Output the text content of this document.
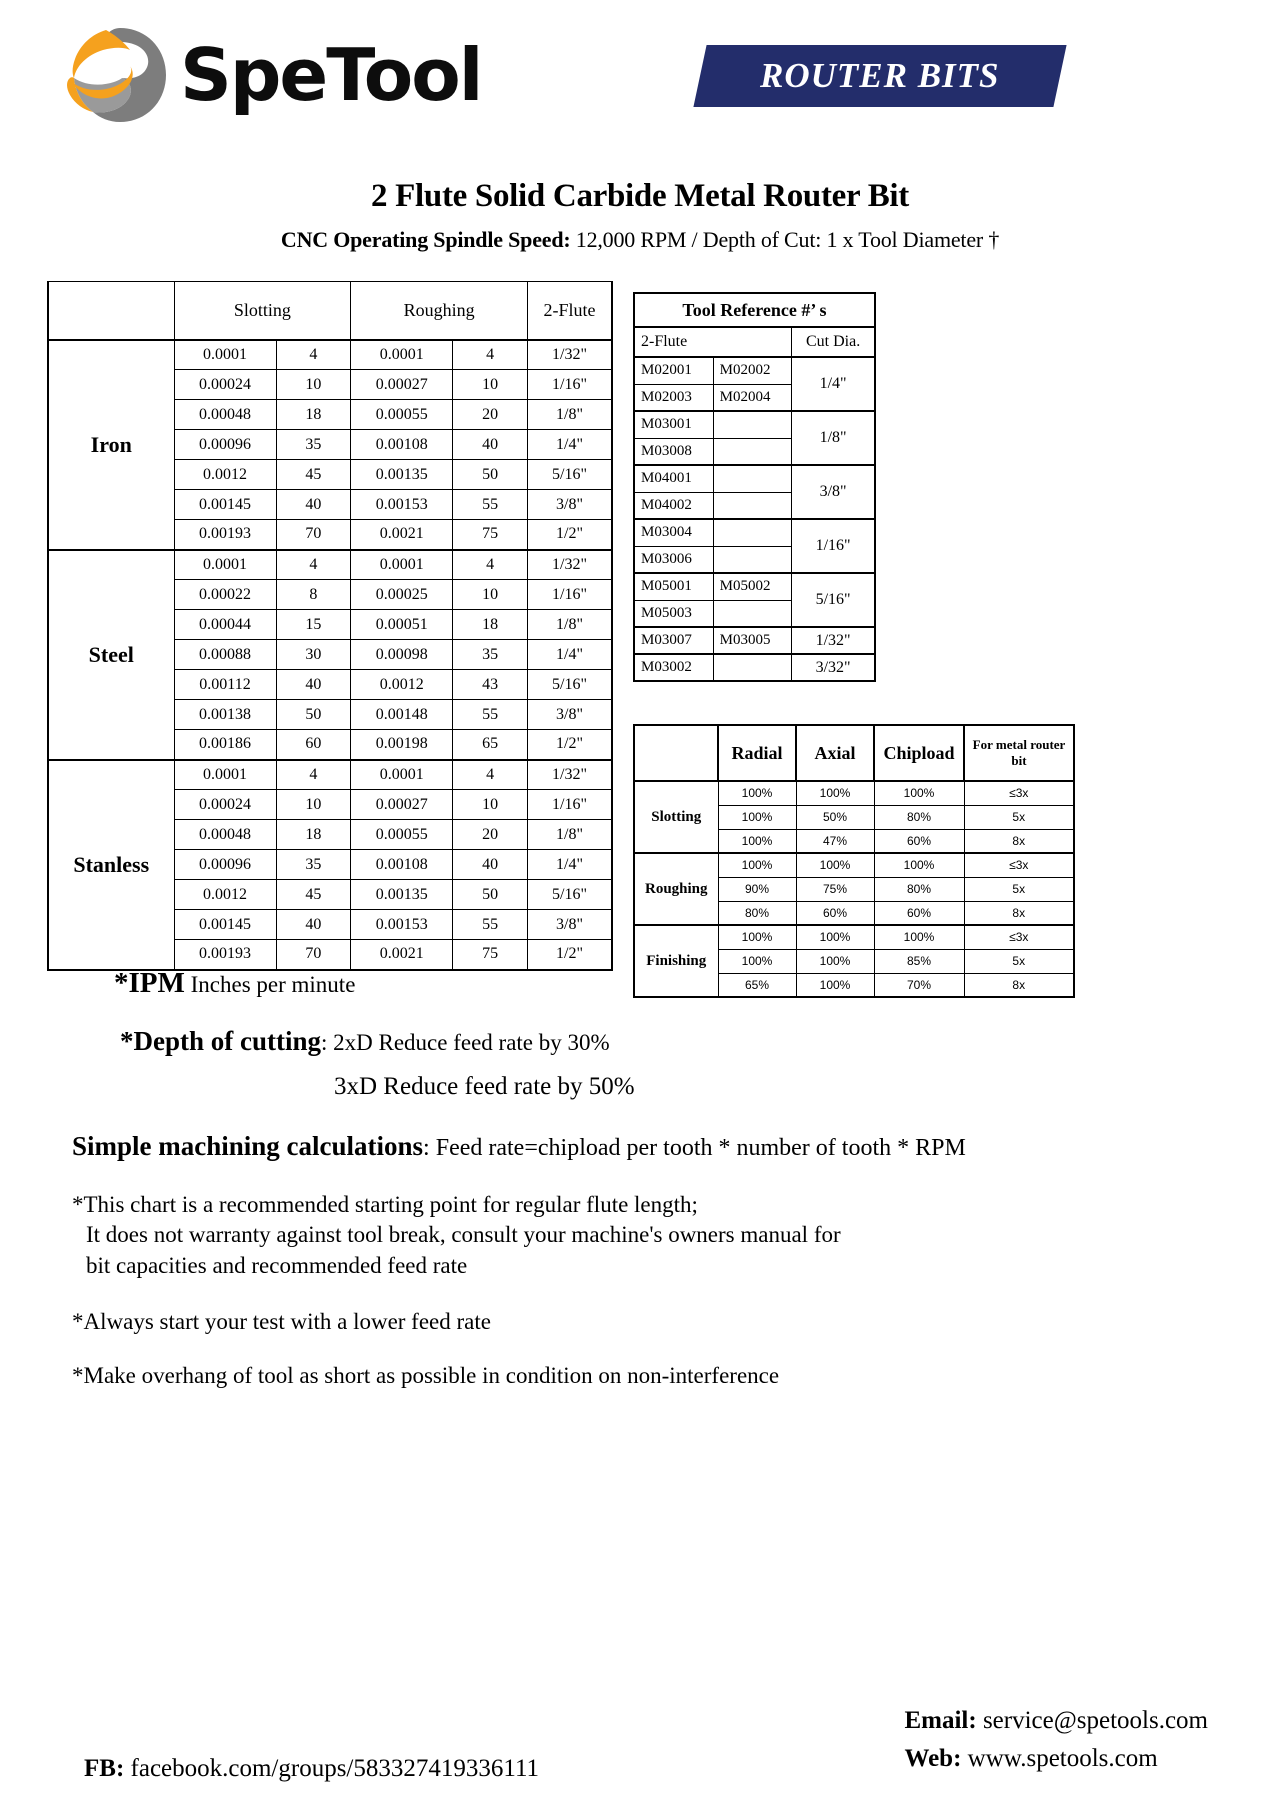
SpeTool	ROUTER BITS
2 Flute Solid Carbide Metal Router Bit
CNC Operating Spindle Speed: 12,000 RPM / Depth of Cut: 1 x Tool Diameter †
	Slotting		Roughing		2-Flute
Iron	0.0001	4	0.0001	4	1/32"
	0.00024	10	0.00027	10	1/16"
	0.00048	18	0.00055	20	1/8"
	0.00096	35	0.00108	40	1/4"
	0.0012	45	0.00135	50	5/16"
	0.00145	40	0.00153	55	3/8"
	0.00193	70	0.0021	75	1/2"
Steel	0.0001	4	0.0001	4	1/32"
	0.00022	8	0.00025	10	1/16"
	0.00044	15	0.00051	18	1/8"
	0.00088	30	0.00098	35	1/4"
	0.00112	40	0.0012	43	5/16"
	0.00138	50	0.00148	55	3/8"
	0.00186	60	0.00198	65	1/2"
Stanless	0.0001	4	0.0001	4	1/32"
	0.00024	10	0.00027	10	1/16"
	0.00048	18	0.00055	20	1/8"
	0.00096	35	0.00108	40	1/4"
	0.0012	45	0.00135	50	5/16"
	0.00145	40	0.00153	55	3/8"
	0.00193	70	0.0021	75	1/2"
Tool Reference #’ s		
2-Flute		Cut Dia.
M02001	M02002	1/4"
M02003	M02004	
M03001		1/8"
M03008		
M04001		3/8"
M04002		
M03004		1/16"
M03006		
M05001	M05002	5/16"
M05003		
M03007	M03005	1/32"
M03002		3/32"
	Radial	Axial	Chipload	For metal router bit
Slotting	100%	100%	100%	≤3x
	100%	50%	80%	5x
	100%	47%	60%	8x
Roughing	100%	100%	100%	≤3x
	90%	75%	80%	5x
	80%	60%	60%	8x
Finishing	100%	100%	100%	≤3x
	100%	100%	85%	5x
	65%	100%	70%	8x
*IPM Inches per minute
*Depth of cutting: 2xD Reduce feed rate by 30%
3xD Reduce feed rate by 50%
Simple machining calculations: Feed rate=chipload per tooth * number of tooth * RPM
*This chart is a recommended starting point for regular flute length;
It does not warranty against tool break, consult your machine's owners manual for
bit capacities and recommended feed rate
*Always start your test with a lower feed rate
*Make overhang of tool as short as possible in condition on non-interference
FB: facebook.com/groups/583327419336111
Email: service@spetools.com
Web: www.spetools.com
